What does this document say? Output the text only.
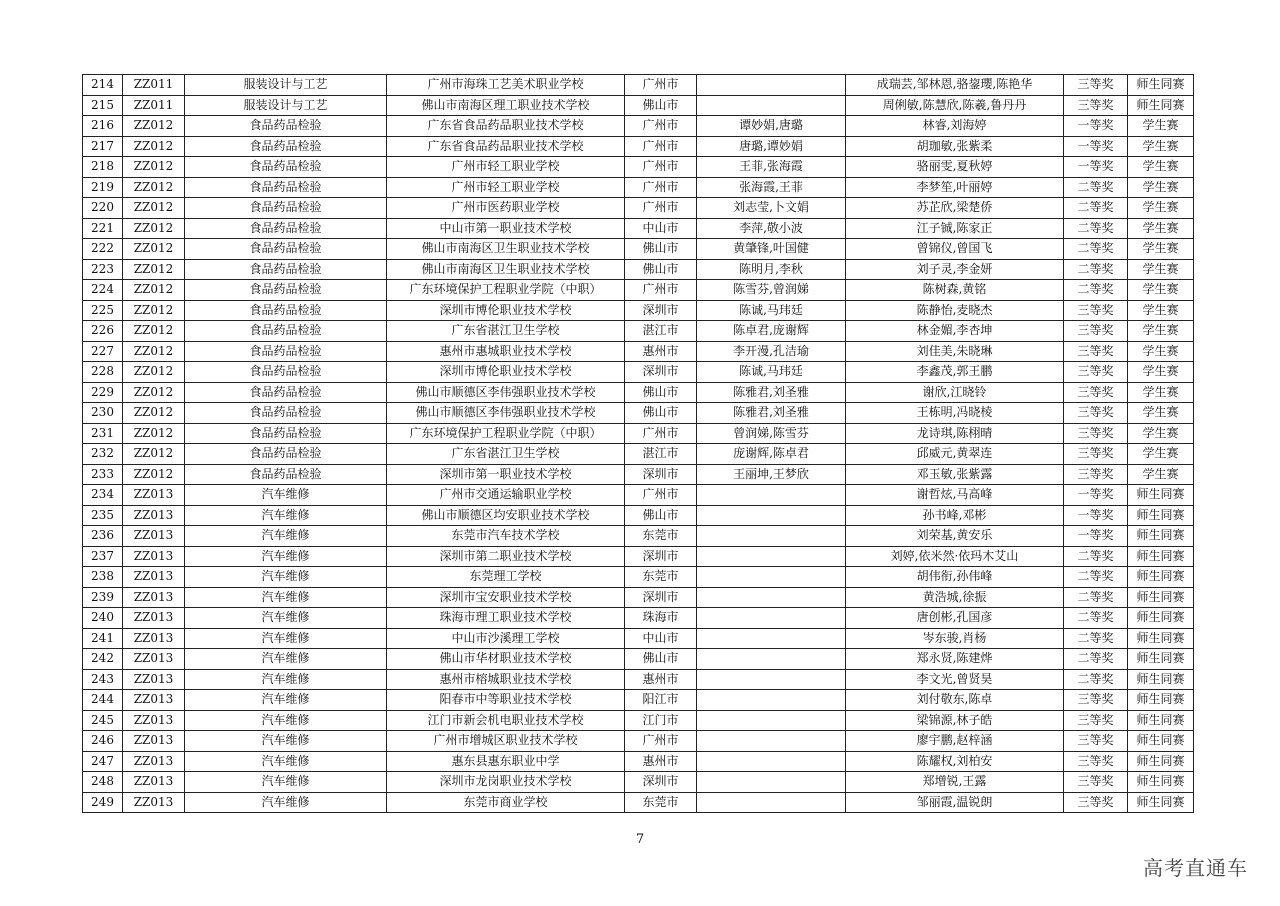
214	ZZ011	服装设计与工艺	广州市海珠工艺美术职业学校	广州市		成瑞芸,邹林恩,骆鋆瓔,陈艳华	三等奖	师生同赛
215	ZZ011	服装设计与工艺	佛山市南海区理工职业技术学校	佛山市		周俐敏,陈慧欣,陈羲,鲁丹丹	三等奖	师生同赛
216	ZZ012	食品药品检验	广东省食品药品职业技术学校	广州市	谭妙娟,唐璐	林睿,刘海婷	一等奖	学生赛
217	ZZ012	食品药品检验	广东省食品药品职业技术学校	广州市	唐璐,谭妙娟	胡珈敏,张紫柔	一等奖	学生赛
218	ZZ012	食品药品检验	广州市轻工职业学校	广州市	王菲,张海霞	骆丽雯,夏秋婷	一等奖	学生赛
219	ZZ012	食品药品检验	广州市轻工职业学校	广州市	张海霞,王菲	李梦笙,叶丽婷	二等奖	学生赛
220	ZZ012	食品药品检验	广州市医药职业学校	广州市	刘志莹,卜文娟	苏芷欣,梁楚侨	二等奖	学生赛
221	ZZ012	食品药品检验	中山市第一职业技术学校	中山市	李萍,敬小波	江子铖,陈家正	二等奖	学生赛
222	ZZ012	食品药品检验	佛山市南海区卫生职业技术学校	佛山市	黄肇锋,叶国健	曾锦仪,曾国飞	二等奖	学生赛
223	ZZ012	食品药品检验	佛山市南海区卫生职业技术学校	佛山市	陈明月,李秋	刘子灵,李金妍	二等奖	学生赛
224	ZZ012	食品药品检验	广东环境保护工程职业学院（中职）	广州市	陈雪芬,曾润娣	陈树森,黄铭	二等奖	学生赛
225	ZZ012	食品药品检验	深圳市博伦职业技术学校	深圳市	陈诚,马玮廷	陈静怡,麦晓杰	三等奖	学生赛
226	ZZ012	食品药品检验	广东省湛江卫生学校	湛江市	陈卓君,庞谢辉	林金媚,李杏坤	三等奖	学生赛
227	ZZ012	食品药品检验	惠州市惠城职业技术学校	惠州市	李开漫,孔洁瑜	刘佳美,朱晓琳	三等奖	学生赛
228	ZZ012	食品药品检验	深圳市博伦职业技术学校	深圳市	陈诚,马玮廷	李鑫茂,郭王鹏	三等奖	学生赛
229	ZZ012	食品药品检验	佛山市顺德区李伟强职业技术学校	佛山市	陈雅君,刘圣雅	谢欣,江晓铃	三等奖	学生赛
230	ZZ012	食品药品检验	佛山市顺德区李伟强职业技术学校	佛山市	陈雅君,刘圣雅	王栋明,冯晓棱	三等奖	学生赛
231	ZZ012	食品药品检验	广东环境保护工程职业学院（中职）	广州市	曾润娣,陈雪芬	龙诗琪,陈栩晴	三等奖	学生赛
232	ZZ012	食品药品检验	广东省湛江卫生学校	湛江市	庞谢辉,陈卓君	邱威元,黄翠连	三等奖	学生赛
233	ZZ012	食品药品检验	深圳市第一职业技术学校	深圳市	王丽坤,王梦欣	邓玉敏,张紫露	三等奖	学生赛
234	ZZ013	汽车维修	广州市交通运输职业学校	广州市		谢哲炫,马高峰	一等奖	师生同赛
235	ZZ013	汽车维修	佛山市顺德区均安职业技术学校	佛山市		孙书峰,邓彬	一等奖	师生同赛
236	ZZ013	汽车维修	东莞市汽车技术学校	东莞市		刘荣基,黄安乐	一等奖	师生同赛
237	ZZ013	汽车维修	深圳市第二职业技术学校	深圳市		刘婷,依米然·依玛木艾山	二等奖	师生同赛
238	ZZ013	汽车维修	东莞理工学校	东莞市		胡伟衔,孙伟峰	二等奖	师生同赛
239	ZZ013	汽车维修	深圳市宝安职业技术学校	深圳市		黄浩城,徐振	二等奖	师生同赛
240	ZZ013	汽车维修	珠海市理工职业技术学校	珠海市		唐创彬,孔国彦	二等奖	师生同赛
241	ZZ013	汽车维修	中山市沙溪理工学校	中山市		岑东骏,肖杨	二等奖	师生同赛
242	ZZ013	汽车维修	佛山市华材职业技术学校	佛山市		郑永贤,陈建烨	二等奖	师生同赛
243	ZZ013	汽车维修	惠州市榕城职业技术学校	惠州市		李文光,曾贤昊	二等奖	师生同赛
244	ZZ013	汽车维修	阳春市中等职业技术学校	阳江市		刘付敬东,陈卓	三等奖	师生同赛
245	ZZ013	汽车维修	江门市新会机电职业技术学校	江门市		梁锦源,林子皓	三等奖	师生同赛
246	ZZ013	汽车维修	广州市增城区职业技术学校	广州市		廖宇鹏,赵梓涵	三等奖	师生同赛
247	ZZ013	汽车维修	惠东县惠东职业中学	惠州市		陈耀权,刘柏安	三等奖	师生同赛
248	ZZ013	汽车维修	深圳市龙岗职业技术学校	深圳市		郑增锐,王露	三等奖	师生同赛
249	ZZ013	汽车维修	东莞市商业学校	东莞市		邹丽霞,温锐朗	三等奖	师生同赛
7
高考直通车
